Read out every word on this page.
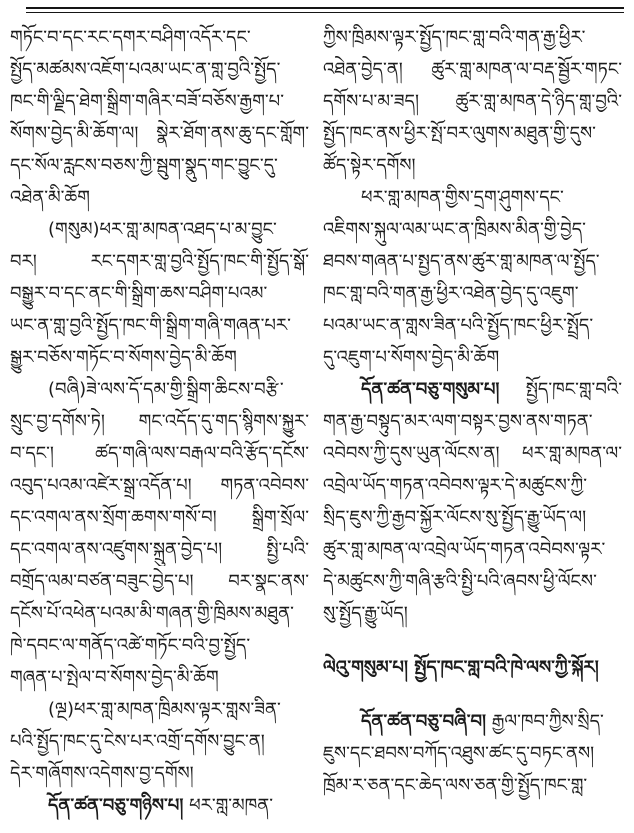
གཏོང་བ་དང་རང་དགར་བཤིག་འདོར་དང་
སྤྱོད་མཚམས་འཇོག་པའམ་ཡང་ན་གླ་བྱའི་སྤྱོད་
ཁང་གི་ལྗིད་ཐེག་སྒྲིག་གཞིར་བཟོ་བཅོས་རྒྱག་པ་
སོགས་བྱེད་མི་ཆོག་ལ། སྣེར་ཐོག་ནས་ཆུ་དང་གློག་
དང་སོལ་རླངས་བཅས་ཀྱི་སྦུག་སྣུད་གང་བྱུང་དུ་
འཐེན་མི་ཆོག
(གསུམ)ཕར་གླ་མཁན་འཐད་པ་མ་བྱུང་
བར། རང་དགར་གླ་བྱའི་སྤྱོད་ཁང་གི་སྤྱོད་སྒོ་
བསྒྱུར་བ་དང་ནང་གི་སྒྲིག་ཆས་བཤིག་པའམ་
ཡང་ན་གླ་བྱའི་སྤྱོད་ཁང་གི་སྒྲིག་གཞི་གཞན་པར་
སྒྱུར་བཅོས་གཏོང་བ་སོགས་བྱེད་མི་ཆོག
(བཞི)ཟེ་ལས་དོ་དམ་གྱི་སྒྲིག་ཆིངས་བརྩི་
སྲུང་བྱ་དགོས་ཏེ། གང་འདོད་དུ་གད་སྙིགས་སྐྱུར་
བ་དང་། ཚད་གཞི་ལས་བརྒལ་བའི་རྩོད་དངོས་
འབུད་པའམ་འཛེར་སྒྲ་འདོན་པ། གཏན་འབེབས་
དང་འགལ་ནས་སྲོག་ཆགས་གསོ་བ། སྒྲིག་སྲོལ་
དང་འགལ་ནས་འཛུགས་སྐྲུན་བྱེད་པ། སྤྱི་པའི་
བགྲོད་ལམ་བཙན་བཟུང་བྱེད་པ། བར་སྣང་ནས་
དངོས་པོ་འཕེན་པའམ་མི་གཞན་གྱི་ཁྲིམས་མཐུན་
ཁེ་དབང་ལ་གནོད་འཚེ་གཏོང་བའི་བྱ་སྤྱོད་
གཞན་པ་སྤེལ་བ་སོགས་བྱེད་མི་ཆོག
(ལྔ)ཕར་གླ་མཁན་ཁྲིམས་ལྟར་གླས་ཟིན་
པའི་སྤྱོད་ཁང་དུ་ངེས་པར་འགྲོ་དགོས་བྱུང་ན།
དེར་གཞོགས་འདེགས་བྱ་དགོས།
དོན་ཚན་བཅུ་གཉིས་པ། ཕར་གླ་མཁན་
ཀྱིས་ཁྲིམས་ལྟར་སྤྱོད་ཁང་གླ་བའི་གན་རྒྱ་ཕྱིར་
འཐེན་བྱེད་ན། ཚུར་གླ་མཁན་ལ་བརྡ་སྦྱོར་གཏང་
དགོས་པ་མ་ཟད། ཚུར་གླ་མཁན་དེ་ཉིད་གླ་བྱའི་
སྤྱོད་ཁང་ནས་ཕྱིར་སྤོ་བར་ལུགས་མཐུན་གྱི་དུས་
ཚོད་སྟེར་དགོས།
ཕར་གླ་མཁན་གྱིས་དྲག་ཤུགས་དང་
འཇིགས་སྐུལ་ལམ་ཡང་ན་ཁྲིམས་མིན་གྱི་བྱེད་
ཐབས་གཞན་པ་སྤྱད་ནས་ཚུར་གླ་མཁན་ལ་སྤྱོད་
ཁང་གླ་བའི་གན་རྒྱ་ཕྱིར་འཐེན་བྱེད་དུ་འཇུག་
པའམ་ཡང་ན་གླས་ཟིན་པའི་སྤྱོད་ཁང་ཕྱིར་སྤྲོད་
དུ་འཇུག་པ་སོགས་བྱེད་མི་ཆོག
དོན་ཚན་བཅུ་གསུམ་པ། སྤྱོད་ཁང་གླ་བའི་
གན་རྒྱ་བསྟུད་མར་ལག་བསྟར་བྱས་ནས་གཏན་
འབེབས་ཀྱི་དུས་ཡུན་ལོངས་ན། ཕར་གླ་མཁན་ལ་
འབྲེལ་ཡོད་གཏན་འབེབས་ལྟར་དེ་མཚུངས་ཀྱི་
སྲིད་ཇུས་ཀྱི་རྒྱབ་སྐྱོར་ལོངས་སུ་སྤྱོད་རྒྱུ་ཡོད་ལ།
ཚུར་གླ་མཁན་ལ་འབྲེལ་ཡོད་གཏན་འབེབས་ལྟར་
དེ་མཚུངས་ཀྱི་གཞི་རྩའི་སྤྱི་པའི་ཞབས་ཕྱི་ལོངས་
སུ་སྤྱོད་རྒྱུ་ཡོད།
ལེའུ་གསུམ་པ། སྤྱོད་ཁང་གླ་བའི་ཁེ་ལས་ཀྱི་སྐོར།
དོན་ཚན་བཅུ་བཞི་བ། རྒྱལ་ཁབ་ཀྱིས་སྲིད་
ཇུས་དང་ཐབས་བཀོད་འཐུས་ཚང་དུ་བཏང་ནས།
ཁྲོམ་ར་ཅན་དང་ཆེད་ལས་ཅན་གྱི་སྤྱོད་ཁང་གླ་
